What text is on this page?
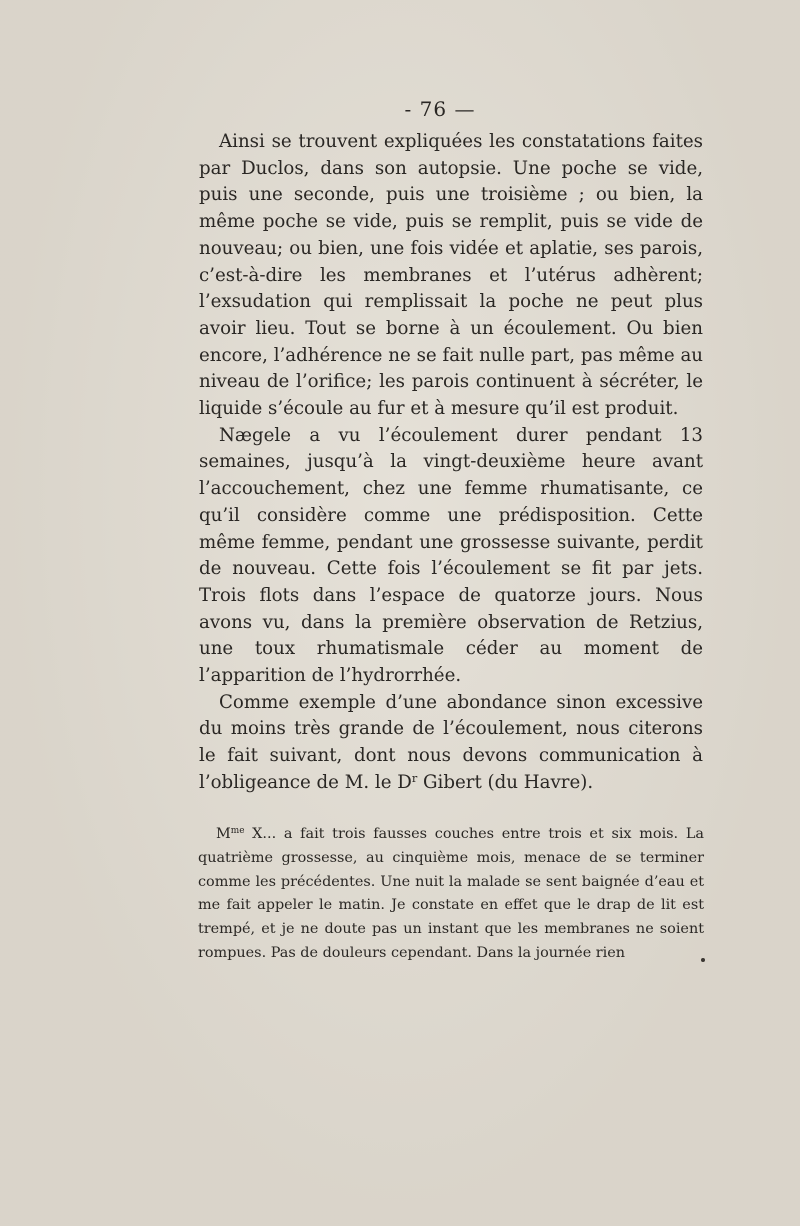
- 76 —

Ainsi se trouvent expliquées les constatations faites par Duclos, dans son autopsie. Une poche se vide, puis une seconde, puis une troisième ; ou bien, la même poche se vide, puis se remplit, puis se vide de nouveau; ou bien, une fois vidée et aplatie, ses parois, c’est-à-dire les membranes et l’utérus adhèrent; l’exsudation qui remplissait la poche ne peut plus avoir lieu. Tout se borne à un écoulement. Ou bien encore, l’adhérence ne se fait nulle part, pas même au niveau de l’orifice; les parois continuent à sécréter, le liquide s’écoule au fur et à mesure qu’il est produit.

Nægele a vu l’écoulement durer pendant 13 semaines, jusqu’à la vingt-deuxième heure avant l’accouchement, chez une femme rhumatisante, ce qu’il considère comme une prédisposition. Cette même femme, pendant une grossesse suivante, perdit de nouveau. Cette fois l’écoulement se fit par jets. Trois flots dans l’espace de quatorze jours. Nous avons vu, dans la première observation de Retzius, une toux rhumatismale céder au moment de l’apparition de l’hydrorrhée.

Comme exemple d’une abondance sinon excessive du moins très grande de l’écoulement, nous citerons le fait suivant, dont nous devons communication à l’obligeance de M. le $D^r$ Gibert (du Havre).

$M^{me}$ X... a fait trois fausses couches entre trois et six mois. La quatrième grossesse, au cinquième mois, menace de se terminer comme les précédentes. Une nuit la malade se sent baignée d’eau et me fait appeler le matin. Je constate en effet que le drap de lit est trempé, et je ne doute pas un instant que les membranes ne soient rompues. Pas de douleurs cependant. Dans la journée rien
